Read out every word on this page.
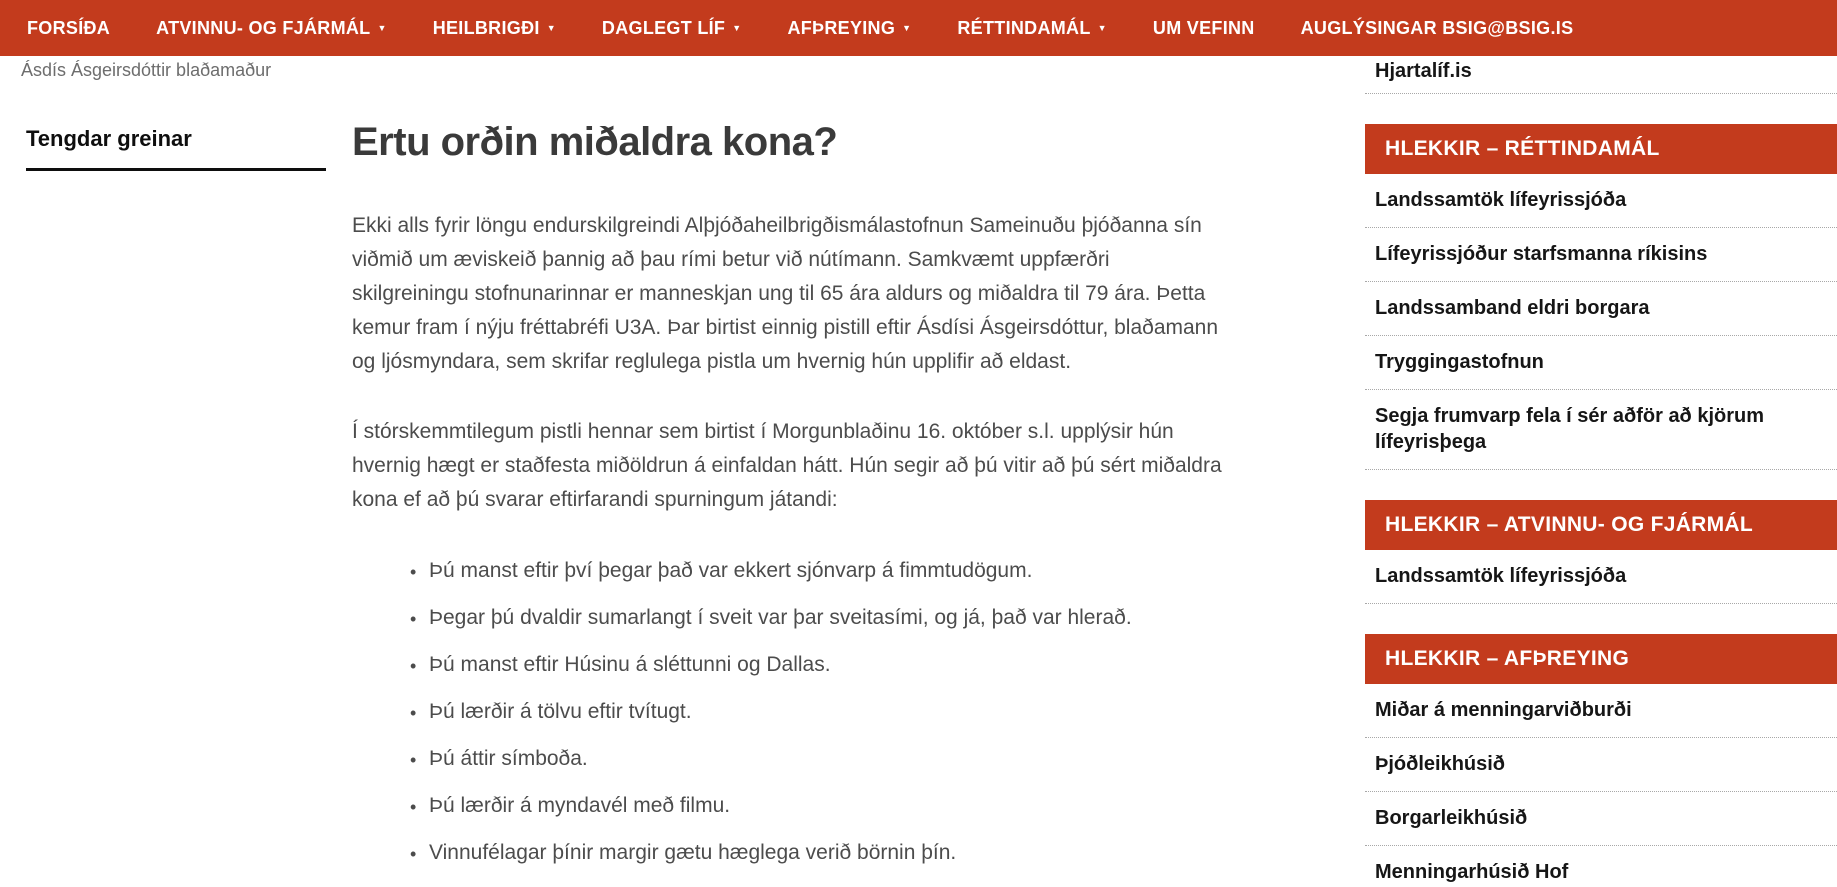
FORSÍÐA	ATVINNU- OG FJÁRMÁL ▼	HEILBRIGÐI ▼	DAGLEGT LÍF ▼	AFÞREYING ▼	RÉTTINDAMÁL ▼	UM VEFINN	AUGLÝSINGAR BSIG@BSIG.IS
Ásdís Ásgeirsdóttir blaðamaður
Tengdar greinar	Ertu orðin miðaldra kona?

Ekki alls fyrir löngu endurskilgreindi Alþjóðaheilbrigðismálastofnun Sameinuðu þjóðanna sín viðmið um æviskeið þannig að þau rími betur við nútímann. Samkvæmt uppfærðri skilgreiningu stofnunarinnar er manneskjan ung til 65 ára aldurs og miðaldra til 79 ára. Þetta kemur fram í nýju fréttabréfi U3A. Þar birtist einnig pistill eftir Ásdísi Ásgeirsdóttur, blaðamann og ljósmyndara, sem skrifar reglulega pistla um hvernig hún upplifir að eldast.

Í stórskemmtilegum pistli hennar sem birtist í Morgunblaðinu 16. október s.l. upplýsir hún hvernig hægt er staðfesta miðöldrun á einfaldan hátt. Hún segir að þú vitir að þú sért miðaldra kona ef að þú svarar eftirfarandi spurningum játandi:

• Þú manst eftir því þegar það var ekkert sjónvarp á fimmtudögum.
• Þegar þú dvaldir sumarlangt í sveit var þar sveitasími, og já, það var hlerað.
• Þú manst eftir Húsinu á sléttunni og Dallas.
• Þú lærðir á tölvu eftir tvítugt.
• Þú áttir símboða.
• Þú lærðir á myndavél með filmu.
• Vinnufélagar þínir margir gætu hæglega verið börnin þín.
Hjartalíf.is
HLEKKIR – RÉTTINDAMÁL
Landssamtök lífeyrissjóða
Lífeyrissjóður starfsmanna ríkisins
Landssamband eldri borgara
Tryggingastofnun
Segja frumvarp fela í sér aðför að kjörum lífeyrisþega
HLEKKIR – ATVINNU- OG FJÁRMÁL
Landssamtök lífeyrissjóða
HLEKKIR – AFÞREYING
Miðar á menningarviðburði
Þjóðleikhúsið
Borgarleikhúsið
Menningarhúsið Hof
